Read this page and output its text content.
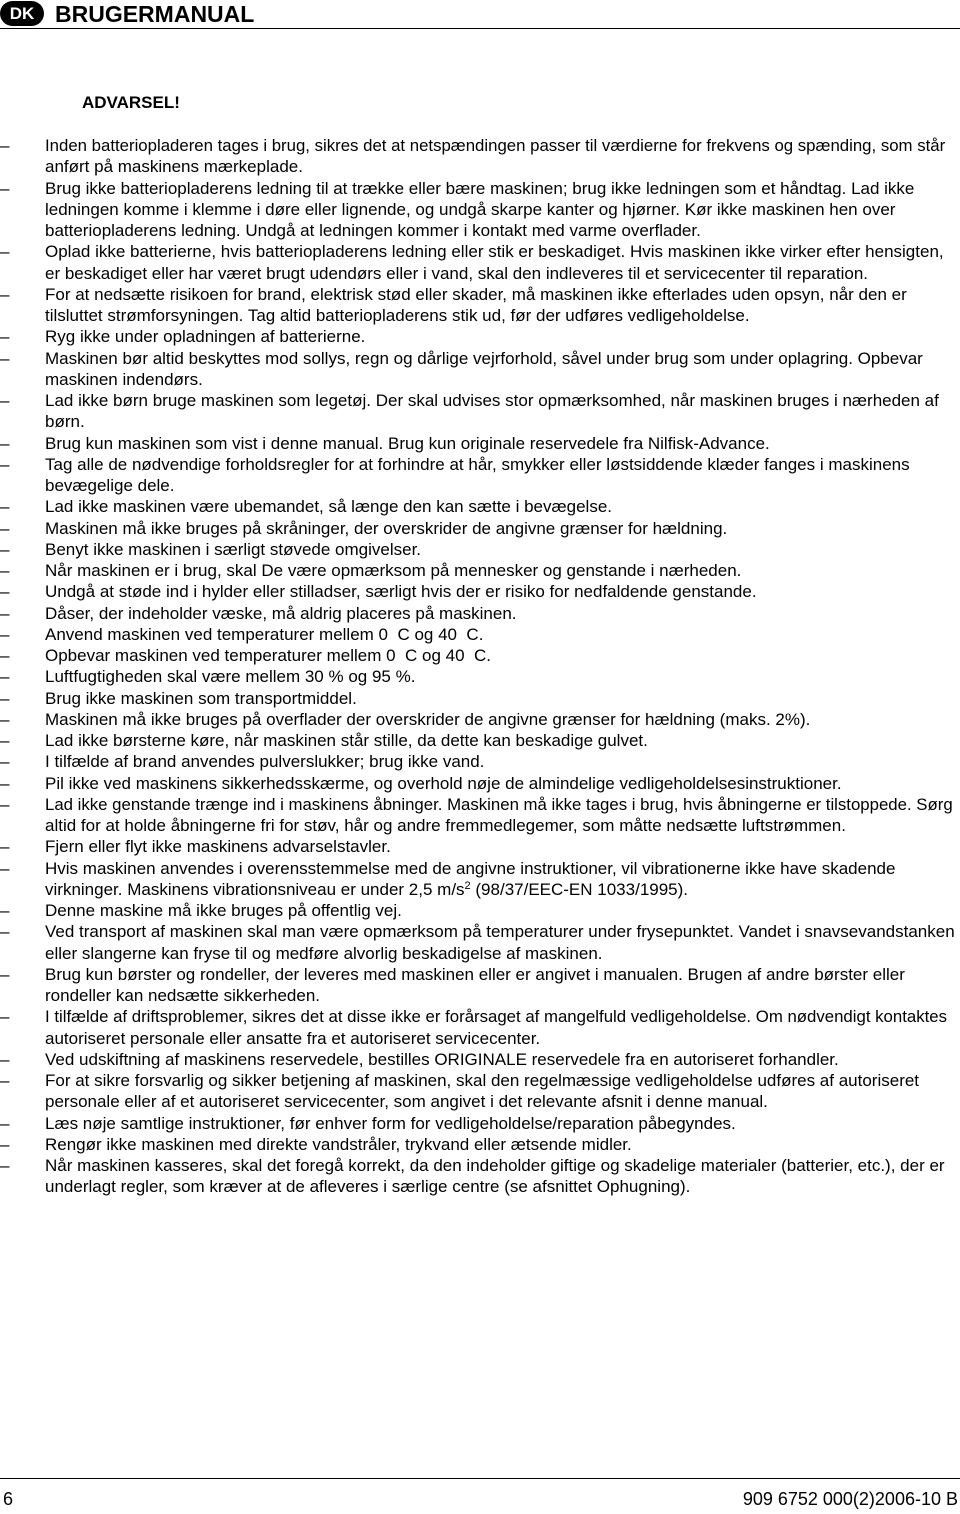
DK BRUGERMANUAL
ADVARSEL!
– Inden batteriopladeren tages i brug, sikres det at netspændingen passer til værdierne for frekvens og spænding, som står
anført på maskinens mærkeplade.
– Brug ikke batteriopladerens ledning til at trække eller bære maskinen; brug ikke ledningen som et håndtag. Lad ikke
ledningen komme i klemme i døre eller lignende, og undgå skarpe kanter og hjørner. Kør ikke maskinen hen over
batteriopladerens ledning. Undgå at ledningen kommer i kontakt med varme overflader.
– Oplad ikke batterierne, hvis batteriopladerens ledning eller stik er beskadiget. Hvis maskinen ikke virker efter hensigten,
er beskadiget eller har været brugt udendørs eller i vand, skal den indleveres til et servicecenter til reparation.
– For at nedsætte risikoen for brand, elektrisk stød eller skader, må maskinen ikke efterlades uden opsyn, når den er
tilsluttet strømforsyningen. Tag altid batteriopladerens stik ud, før der udføres vedligeholdelse.
– Ryg ikke under opladningen af batterierne.
– Maskinen bør altid beskyttes mod sollys, regn og dårlige vejrforhold, såvel under brug som under oplagring. Opbevar
maskinen indendørs.
– Lad ikke børn bruge maskinen som legetøj. Der skal udvises stor opmærksomhed, når maskinen bruges i nærheden af
børn.
– Brug kun maskinen som vist i denne manual. Brug kun originale reservedele fra Nilfisk-Advance.
– Tag alle de nødvendige forholdsregler for at forhindre at hår, smykker eller løstsiddende klæder fanges i maskinens
bevægelige dele.
– Lad ikke maskinen være ubemandet, så længe den kan sætte i bevægelse.
– Maskinen må ikke bruges på skråninger, der overskrider de angivne grænser for hældning.
– Benyt ikke maskinen i særligt støvede omgivelser.
– Når maskinen er i brug, skal De være opmærksom på mennesker og genstande i nærheden.
– Undgå at støde ind i hylder eller stilladser, særligt hvis der er risiko for nedfaldende genstande.
– Dåser, der indeholder væske, må aldrig placeres på maskinen.
– Anvend maskinen ved temperaturer mellem 0  C og 40  C.
– Opbevar maskinen ved temperaturer mellem 0  C og 40  C.
– Luftfugtigheden skal være mellem 30 % og 95 %.
– Brug ikke maskinen som transportmiddel.
– Maskinen må ikke bruges på overflader der overskrider de angivne grænser for hældning (maks. 2%).
– Lad ikke børsterne køre, når maskinen står stille, da dette kan beskadige gulvet.
– I tilfælde af brand anvendes pulverslukker; brug ikke vand.
– Pil ikke ved maskinens sikkerhedsskærme, og overhold nøje de almindelige vedligeholdelsesinstruktioner.
– Lad ikke genstande trænge ind i maskinens åbninger. Maskinen må ikke tages i brug, hvis åbningerne er tilstoppede. Sørg
altid for at holde åbningerne fri for støv, hår og andre fremmedlegemer, som måtte nedsætte luftstrømmen.
– Fjern eller flyt ikke maskinens advarselstavler.
– Hvis maskinen anvendes i overensstemmelse med de angivne instruktioner, vil vibrationerne ikke have skadende
virkninger. Maskinens vibrationsniveau er under 2,5 $m/s^2$ (98/37/EEC-EN 1033/1995).
– Denne maskine må ikke bruges på offentlig vej.
– Ved transport af maskinen skal man være opmærksom på temperaturer under frysepunktet. Vandet i snavsevandstanken
eller slangerne kan fryse til og medføre alvorlig beskadigelse af maskinen.
– Brug kun børster og rondeller, der leveres med maskinen eller er angivet i manualen. Brugen af andre børster eller
rondeller kan nedsætte sikkerheden.
– I tilfælde af driftsproblemer, sikres det at disse ikke er forårsaget af mangelfuld vedligeholdelse. Om nødvendigt kontaktes
autoriseret personale eller ansatte fra et autoriseret servicecenter.
– Ved udskiftning af maskinens reservedele, bestilles ORIGINALE reservedele fra en autoriseret forhandler.
– For at sikre forsvarlig og sikker betjening af maskinen, skal den regelmæssige vedligeholdelse udføres af autoriseret
personale eller af et autoriseret servicecenter, som angivet i det relevante afsnit i denne manual.
– Læs nøje samtlige instruktioner, før enhver form for vedligeholdelse/reparation påbegyndes.
– Rengør ikke maskinen med direkte vandstråler, trykvand eller ætsende midler.
– Når maskinen kasseres, skal det foregå korrekt, da den indeholder giftige og skadelige materialer (batterier, etc.), der er
underlagt regler, som kræver at de afleveres i særlige centre (se afsnittet Ophugning).
6	909 6752 000(2)2006-10 B
